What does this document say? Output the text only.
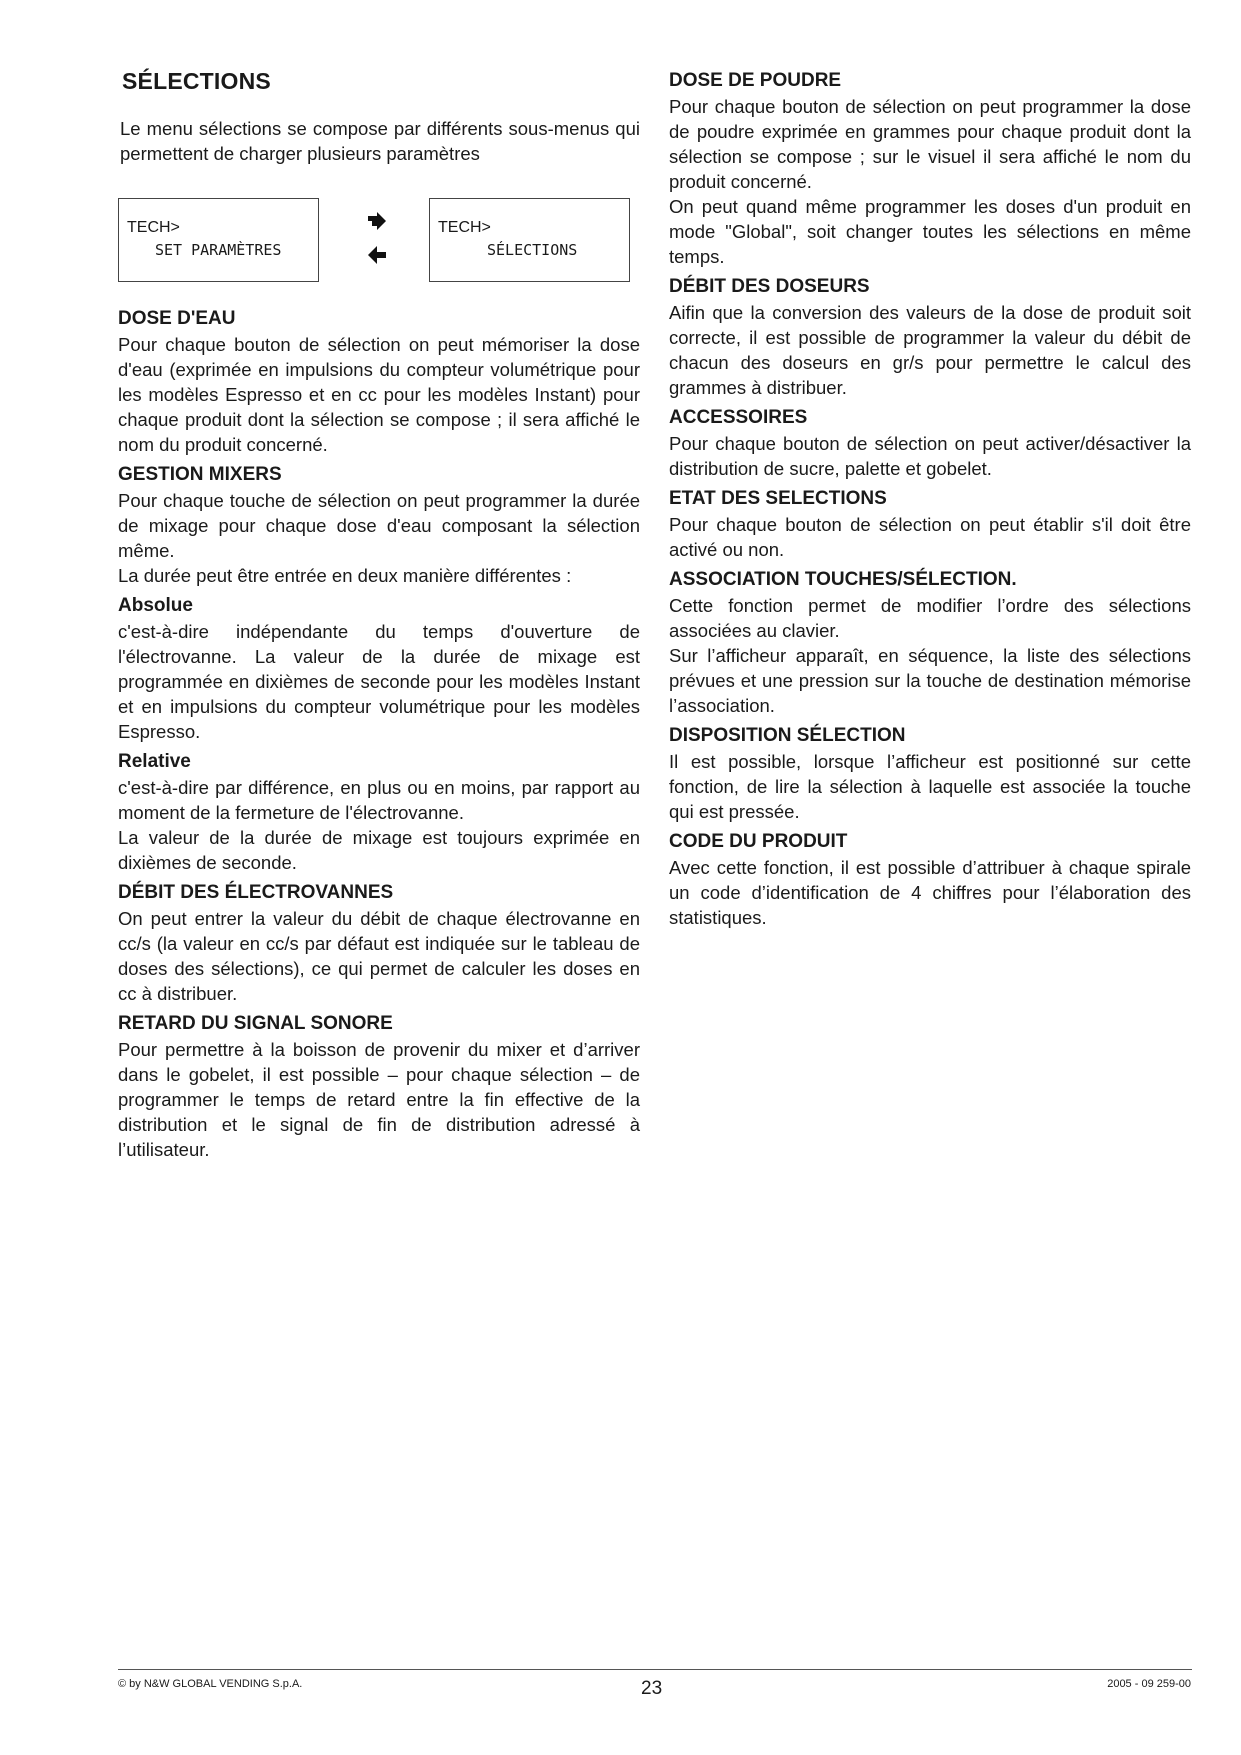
SÉLECTIONS

Le menu sélections se compose par différents sous-menus qui permettent de charger plusieurs paramètres

TECH>
SET PARAMÈTRES
TECH>
SÉLECTIONS
DOSE D'EAU

Pour chaque bouton de sélection on peut mémoriser la dose d'eau (exprimée en impulsions du compteur volumétrique pour les modèles Espresso et en cc pour les modèles Instant) pour chaque produit dont la sélection se compose ; il sera affiché le nom du produit concerné.

GESTION MIXERS

Pour chaque touche de sélection on peut programmer la durée de mixage pour chaque dose d'eau composant la sélection même.

La durée peut être entrée en deux manière différentes :

Absolue

c'est-à-dire indépendante du temps d'ouverture de l'électrovanne. La valeur de la durée de mixage est programmée en dixièmes de seconde pour les modèles Instant et en impulsions du compteur volumétrique pour les modèles Espresso.

Relative

c'est-à-dire par différence, en plus ou en moins, par rapport au moment de la fermeture de l'électrovanne.

La valeur de la durée de mixage est toujours exprimée en dixièmes de seconde.

DÉBIT DES ÉLECTROVANNES

On peut entrer la valeur du débit de chaque électrovanne en cc/s (la valeur en cc/s par défaut est indiquée sur le tableau de doses des sélections), ce qui permet de calculer les doses en cc à distribuer.

RETARD DU SIGNAL SONORE

Pour permettre à la boisson de provenir du mixer et d’arriver dans le gobelet, il est possible – pour chaque sélection – de programmer le temps de retard entre la fin effective de la distribution et le signal de fin de distribution adressé à l’utilisateur.

DOSE DE POUDRE

Pour chaque bouton de sélection on peut programmer la dose de poudre exprimée en grammes pour chaque produit dont la sélection se compose ; sur le visuel il sera affiché le nom du produit concerné.

On peut quand même programmer les doses d'un produit en mode "Global", soit changer toutes les sélections en même temps.

DÉBIT DES DOSEURS

Aifin que la conversion des valeurs de la dose de produit soit correcte, il est possible de programmer la valeur du débit de chacun des doseurs en gr/s pour permettre le calcul des grammes à distribuer.

ACCESSOIRES

Pour chaque bouton de sélection on peut activer/désactiver la distribution de sucre, palette et gobelet.

ETAT DES SELECTIONS

Pour chaque bouton de sélection on peut établir s'il doit être activé ou non.

ASSOCIATION TOUCHES/SÉLECTION.

Cette fonction permet de modifier l’ordre des sélections associées au clavier.

Sur l’afficheur apparaît, en séquence, la liste des sélections prévues et une pression sur la touche de destination mémorise l’association.

DISPOSITION SÉLECTION

Il est possible, lorsque l’afficheur est positionné sur cette fonction, de lire la sélection à laquelle est associée la touche qui est pressée.

CODE DU PRODUIT

Avec cette fonction, il est possible d’attribuer à chaque spirale un code d’identification de 4 chiffres pour l’élaboration des statistiques.

© by N&W GLOBAL VENDING S.p.A.	23	2005 - 09 259-00
